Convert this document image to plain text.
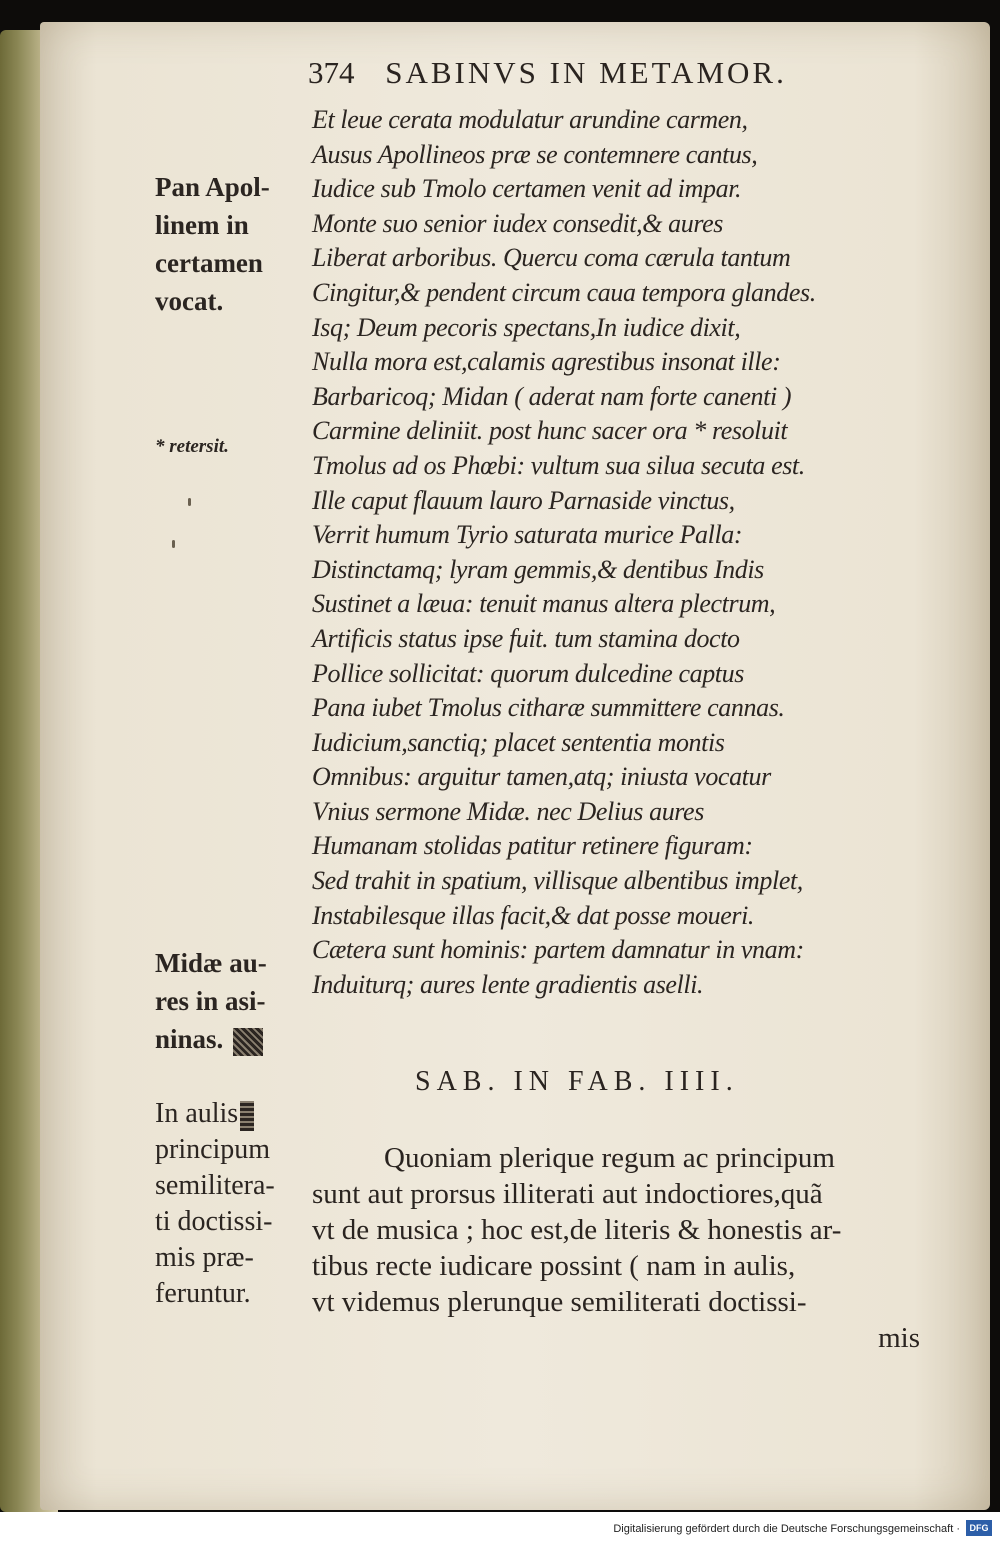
374 SABINVS IN METAMOR.
Et leue cerata modulatur arundine carmen,
Ausus Apollineos præ se contemnere cantus,
Iudice sub Tmolo certamen venit ad impar.
Monte suo senior iudex consedit,& aures
Liberat arboribus. Quercu coma cærula tantum
Cingitur,& pendent circum caua tempora glandes.
Isq; Deum pecoris spectans,In iudice dixit,
Nulla mora est,calamis agrestibus insonat ille:
Barbaricoq; Midan ( aderat nam forte canenti )
Carmine deliniit. post hunc sacer ora * resoluit
Tmolus ad os Phœbi: vultum sua silua secuta est.
Ille caput flauum lauro Parnaside vinctus,
Verrit humum Tyrio saturata murice Palla:
Distinctamq; lyram gemmis,& dentibus Indis
Sustinet a læua: tenuit manus altera plectrum,
Artificis status ipse fuit. tum stamina docto
Pollice sollicitat: quorum dulcedine captus
Pana iubet Tmolus citharæ summittere cannas.
Iudicium,sanctiq; placet sententia montis
Omnibus: arguitur tamen,atq; iniusta vocatur
Vnius sermone Midæ. nec Delius aures
Humanam stolidas patitur retinere figuram:
Sed trahit in spatium, villisque albentibus implet,
Instabilesque illas facit,& dat posse moueri.
Cætera sunt hominis: partem damnatur in vnam:
Induiturq; aures lente gradientis aselli.
Pan Apol-
linem in
certamen
vocat.
* retersit.
Midæ au-
res in asi-
ninas.
In aulis
principum
semilitera-
ti doctissi-
mis præ-
feruntur.
SAB. IN FAB. IIII.
Quoniam plerique regum ac principum
sunt aut prorsus illiterati aut indoctiores,quã
vt de musica ; hoc est,de literis & honestis ar-
tibus recte iudicare possint ( nam in aulis,
vt videmus plerunque semiliterati doctissi-
mis
Digitalisierung gefördert durch die Deutsche Forschungsgemeinschaft ·	DFG
